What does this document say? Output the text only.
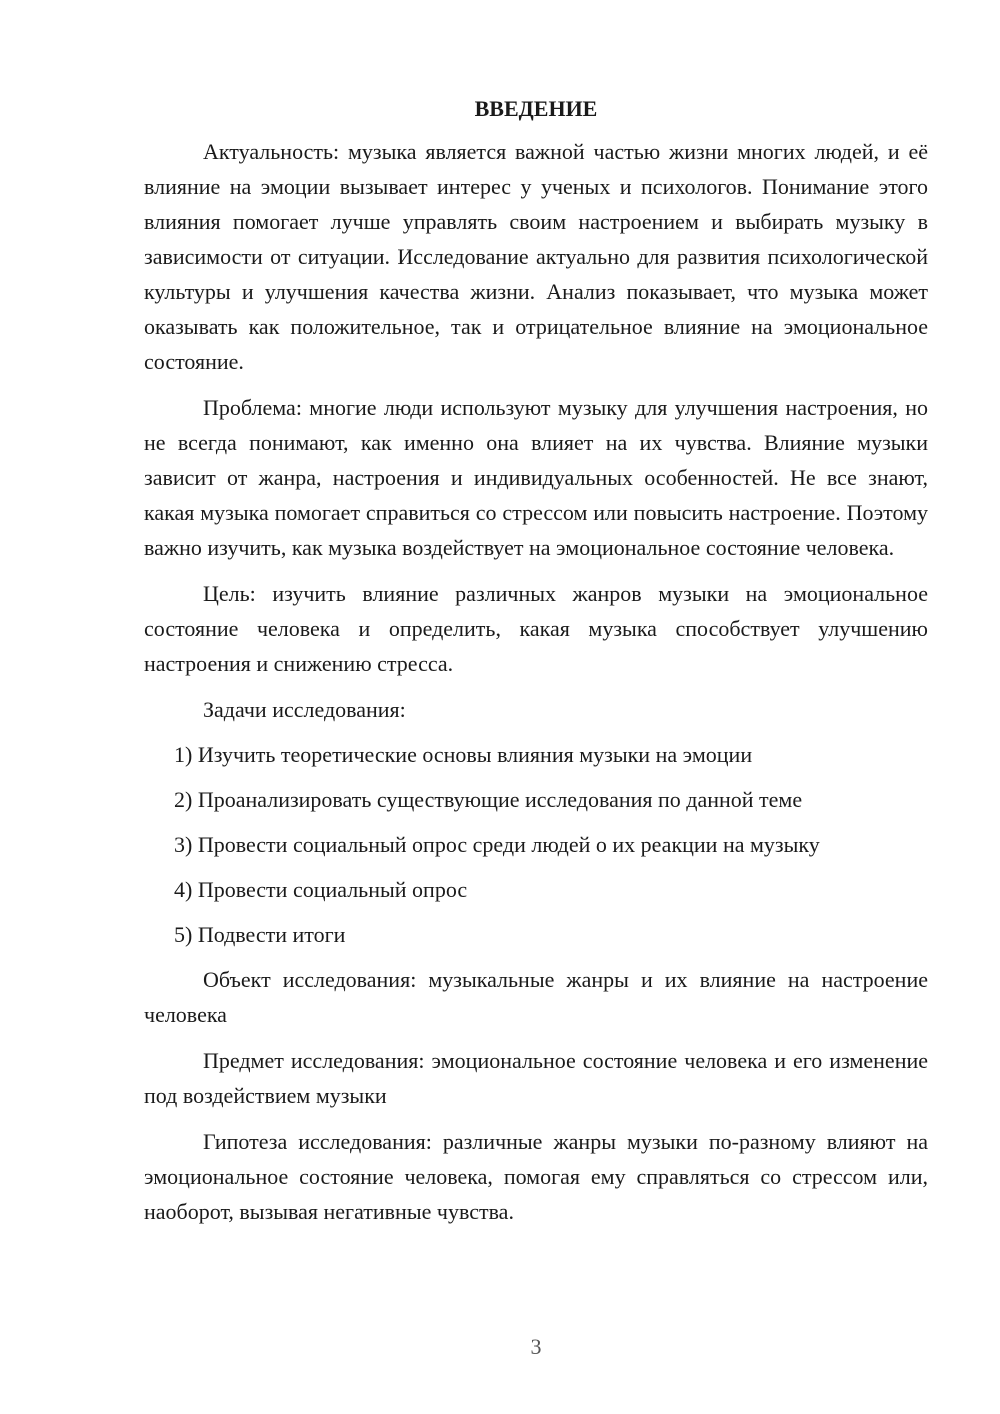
ВВЕДЕНИЕ

Актуальность: музыка является важной частью жизни многих людей, и её влияние на эмоции вызывает интерес у ученых и психологов. Понимание этого влияния помогает лучше управлять своим настроением и выбирать музыку в зависимости от ситуации. Исследование актуально для развития психологической культуры и улучшения качества жизни. Анализ показывает, что музыка может оказывать как положительное, так и отрицательное влияние на эмоциональное состояние.

Проблема: многие люди используют музыку для улучшения настроения, но не всегда понимают, как именно она влияет на их чувства. Влияние музыки зависит от жанра, настроения и индивидуальных особенностей. Не все знают, какая музыка помогает справиться со стрессом или повысить настроение. Поэтому важно изучить, как музыка воздействует на эмоциональное состояние человека.

Цель: изучить влияние различных жанров музыки на эмоциональное состояние человека и определить, какая музыка способствует улучшению настроения и снижению стресса.

Задачи исследования:

1) Изучить теоретические основы влияния музыки на эмоции

2) Проанализировать существующие исследования по данной теме

3) Провести социальный опрос среди людей о их реакции на музыку

4) Провести социальный опрос

5) Подвести итоги

Объект исследования: музыкальные жанры и их влияние на настроение человека

Предмет исследования: эмоциональное состояние человека и его изменение под воздействием музыки

Гипотеза исследования: различные жанры музыки по-разному влияют на эмоциональное состояние человека, помогая ему справляться со стрессом или, наоборот, вызывая негативные чувства.

3
